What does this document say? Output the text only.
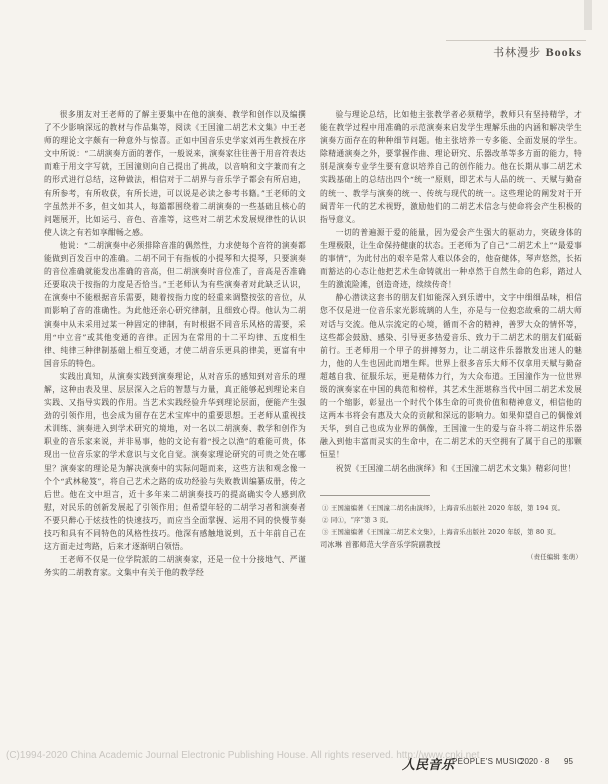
书林漫步 Books

很多朋友对王老师的了解主要集中在他的演奏、教学和创作以及编撰了不少影响深远的教材与作品集等，阅读《王国潼二胡艺术文集》中王老师的理论文字颇有一种意外与惊喜。正如中国音乐史学家刘再生教授在序文中所说：“二胡演奏方面的著作，一般说来，演奏家往往善于用音符表达而难于用文字写就，王国潼则向自己提出了挑战，以音响和文字兼而有之的形式进行总结，这种做法，相信对于二胡界与音乐学子都会有所启迪，有所参考，有所收获，有所长进，可以说是必读之参考书籍。”王老师的文字虽然并不多，但文如其人，每篇都围绕着二胡演奏的一些基础且核心的问题展开，比如运弓、音色、音准等，这些对二胡艺术发展规律性的认识使人读之有若如享酣畅之感。

他说：“二胡演奏中必须排除音准的偶然性，力求使每个音符的演奏都能做到百发百中的准确。二胡不同于有指板的小提琴和大提琴，只要演奏的音位准确就能发出准确的音高，但二胡演奏时音位准了，音高是否准确还要取决于按指的力度是否恰当。”王老师认为有些演奏者对此缺乏认识，在演奏中不能根据音乐需要，随着按指力度的轻重来调整按弦的音位，从而影响了音的准确性。为此他还亲心研究律制，且细致心得。他认为二胡演奏中从未采用过某一种固定的律制，有时根据不同音乐风格的需要，采用“中立音”或其他变通的音律。正因为在常用的十二平均律、五度相生律、纯律三种律制基础上相互变通，才使二胡音乐更具韵律美，更富有中国音乐的特色。

实践出真知，从演奏实践到演奏理论，从对音乐的感知到对音乐的理解，这种由表及里、层层深入之后的智慧与力量，真正能够起到理论来自实践、又指导实践的作用。当艺术实践经验升华到理论层面，便能产生强劲的引领作用，也会成为留存在艺术宝库中的重要思想。王老师从重视技术训练、演奏进入到学术研究的境地，对一名以二胡演奏、教学和创作为职业的音乐家来说，并非易事，他的文论有着“授之以渔”的难能可贵，体现出一位音乐家的学术意识与文化自觉。演奏家理论研究的可贵之处在哪里？演奏家的理论是为解决演奏中的实际问题而来，这些方法和观念像一个个“武林秘笈”，将自己艺术之路的成功经验与失败教训编纂成册，传之后世。他在文中坦言，近十多年来二胡演奏技巧的提高确实令人感到欣慰，对民乐的创新发展起了引领作用；但希望年轻的二胡学习者和演奏者不要只醉心于炫技性的快速技巧，而应当全面掌握、运用不同的快慢节奏技巧和具有不同特色的风格性技巧。他深有感触地说到，五十年前自己在这方面走过弯路，后来才逐渐明白领悟。

王老师不仅是一位学院派的二胡演奏家，还是一位十分接地气、严谨务实的二胡教育家。文集中有关于他的教学经

验与理论总结，比如他主张教学者必须精学，教师只有坚持精学，才能在教学过程中用准确的示范演奏来启发学生理解乐曲的内涵和解决学生演奏方面存在的种种细节问题。他主张培养一专多能、全面发展的学生。除精通演奏之外，要掌握作曲、理论研究、乐器改革等多方面的能力，特别是演奏专业学生要有意识培养自己的创作能力。他在长期从事二胡艺术实践基础上的总结出四个“统一”原则，即艺术与人品的统一、天赋与勤奋的统一、教学与演奏的统一、传统与现代的统一。这些理论的阐发对于开阔青年一代的艺术视野，激励他们的二胡艺术信念与使命将会产生积极的指导意义。

一切的普遍源于爱的能量，因为爱会产生强大的驱动力，突破身体的生理极限，让生命保持健康的状态。王老师为了自己“二胡艺术上”“最爱事的事情”，为此付出的艰辛是常人难以体会的，他奋健体，琴声悠然，长拓而豁达的心态让他把艺术生命铸就出一种卓然于自然生命的色彩，踏过人生的激流险滩，创造奇迹，续续传奇！

静心潜读这套书的朋友们如能深入到乐谱中，文字中细细品味，相信您不仅是进一位音乐家光影琉璃的人生，亦是与一位抱恋故乘的二胡大师对话与交流。他从宗流定的心境，循而不舍的精神，善罗大众的情怀等，这些都会鼓励、感染、引导更多热爱音乐、致力于二胡艺术的朋友们砥砺前行。王老师用一个甲子的拼搏努力，让二胡这件乐器散发出迷人的魅力，他的人生也因此而增生辉。世界上很多音乐大师不仅拿用天赋与勤奋超越自我、征服乐坛，更是精体力行，为大众布道。王国潼作为一位世界级的演奏家在中国的典范和榜样，其艺术生涯堪称当代中国二胡艺术发展的一个缩影，彰显出一个时代个体生命的可贵价值和精神意义，相信他的这两本书将会有惠及大众的贡献和深远的影响力。如果仰望自己的偶像刘天华，到自己也成为业界的偶像，王国潼一生的爱与奋斗将二胡这件乐器融入到他丰富而灵实的生命中，在二胡艺术的天空拥有了属于自己的那颗恒星！

祝贺《王国潼二胡名曲演绎》和《王国潼二胡艺术文集》精彩问世！

① 王国潼编著《王国潼二胡名曲演绎》，上海音乐出版社 2020 年版，第 194 页。

② 同①，“序”第 3 页。

③ 王国潼编著《王国潼二胡艺术文集》，上海音乐出版社 2020 年版，第 80 页。

司冰琳 首都师范大学音乐学院副教授

（责任编辑 张萌）

(C)1994-2020 China Academic Journal Electronic Publishing House. All rights reserved. http://www.cnki.net
人民音乐
PEOPLE'S MUSIC
2020 · 8 95
